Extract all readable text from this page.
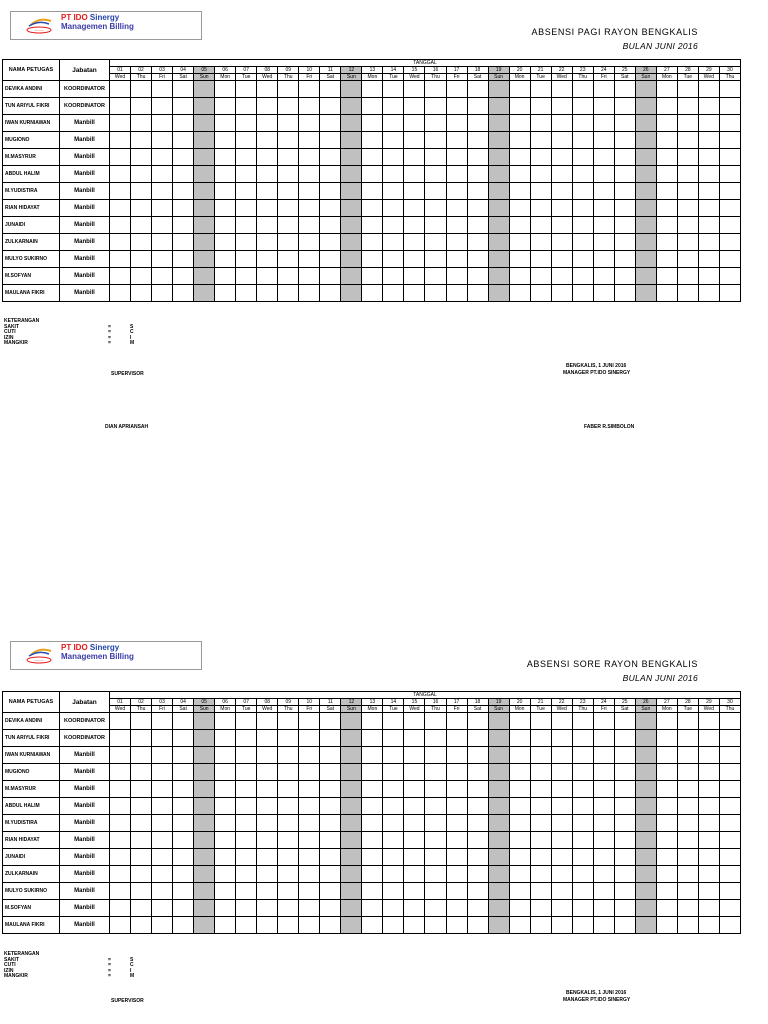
~~~~
PT IDO Sinergy
Managemen Billing
ABSENSI PAGI RAYON BENGKALIS
BULAN JUNI 2016
NAMA PETUGAS	Jabatan	TANGGAL																													
		01	02	03	04	05	06	07	08	09	10	11	12	13	14	15	16	17	18	19	20	21	22	23	24	25	26	27	28	29	30
		Wed	Thu	Fri	Sat	Sun	Mon	Tue	Wed	Thu	Fri	Sat	Sun	Mon	Tue	Wed	Thu	Fri	Sat	Sun	Mon	Tue	Wed	Thu	Fri	Sat	Sun	Mon	Tue	Wed	Thu
DEVIKA ANDINI	KOORDINATOR																														
TUN ARIYUL FIKRI	KOORDINATOR																														
IWAN KURNIAWAN	Manbill																														
MUGIONO	Manbill																														
M.MASYRUR	Manbill																														
ABDUL HALIM	Manbill																														
M.YUDISTIRA	Manbill																														
RIAN HIDAYAT	Manbill																														
JUNAIDI	Manbill																														
ZULKARNAIN	Manbill																														
MULYO SUKIRNO	Manbill																														
M.SOFYAN	Manbill																														
MAULANA FIKRI	Manbill																														
KETERANGAN
SAKIT	=	S
CUTI	=	C
IZIN	=	I
MANGKIR	=	M
BENGKALIS, 1 JUNI 2016
MANAGER PT.IDO SINERGY
SUPERVISOR
DIAN APRIANSAH	FABER R.SIMBOLON
~~~~
PT IDO Sinergy
Managemen Billing
ABSENSI SORE RAYON BENGKALIS
BULAN JUNI 2016
NAMA PETUGAS	Jabatan	TANGGAL																													
		01	02	03	04	05	06	07	08	09	10	11	12	13	14	15	16	17	18	19	20	21	22	23	24	25	26	27	28	29	30
		Wed	Thu	Fri	Sat	Sun	Mon	Tue	Wed	Thu	Fri	Sat	Sun	Mon	Tue	Wed	Thu	Fri	Sat	Sun	Mon	Tue	Wed	Thu	Fri	Sat	Sun	Mon	Tue	Wed	Thu
DEVIKA ANDINI	KOORDINATOR																														
TUN ARIYUL FIKRI	KOORDINATOR																														
IWAN KURNIAWAN	Manbill																														
MUGIONO	Manbill																														
M.MASYRUR	Manbill																														
ABDUL HALIM	Manbill																														
M.YUDISTIRA	Manbill																														
RIAN HIDAYAT	Manbill																														
JUNAIDI	Manbill																														
ZULKARNAIN	Manbill																														
MULYO SUKIRNO	Manbill																														
M.SOFYAN	Manbill																														
MAULANA FIKRI	Manbill																														
KETERANGAN
SAKIT	=	S
CUTI	=	C
IZIN	=	I
MANGKIR	=	M
BENGKALIS, 1 JUNI 2016
MANAGER PT.IDO SINERGY
SUPERVISOR
